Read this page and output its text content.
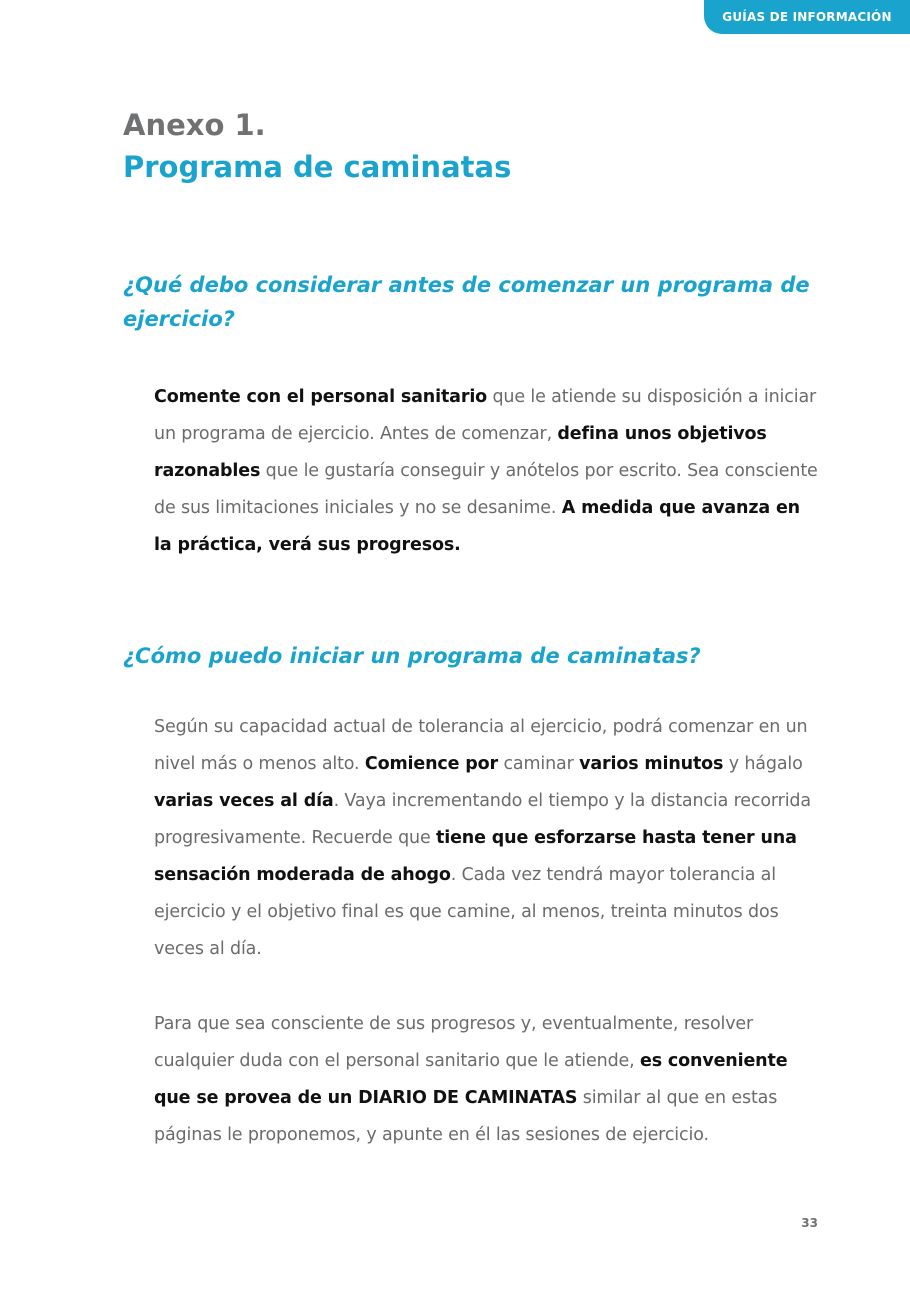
GUÍAS DE INFORMACIÓN
Anexo 1.
Programa de caminatas
¿Qué debo considerar antes de comenzar un programa de ejercicio?

Comente con el personal sanitario que le atiende su disposición a iniciar un programa de ejercicio. Antes de comenzar, defina unos objetivos razonables que le gustaría conseguir y anótelos por escrito. Sea consciente de sus limitaciones iniciales y no se desanime. A medida que avanza en la práctica, verá sus progresos.

¿Cómo puedo iniciar un programa de caminatas?

Según su capacidad actual de tolerancia al ejercicio, podrá comenzar en un nivel más o menos alto. Comience por caminar varios minutos y hágalo varias veces al día. Vaya incrementando el tiempo y la distancia recorrida progresivamente. Recuerde que tiene que esforzarse hasta tener una sensación moderada de ahogo. Cada vez tendrá mayor tolerancia al ejercicio y el objetivo final es que camine, al menos, treinta minutos dos veces al día.

Para que sea consciente de sus progresos y, eventualmente, resolver cualquier duda con el personal sanitario que le atiende, es conveniente que se provea de un DIARIO DE CAMINATAS similar al que en estas páginas le proponemos, y apunte en él las sesiones de ejercicio.

33
